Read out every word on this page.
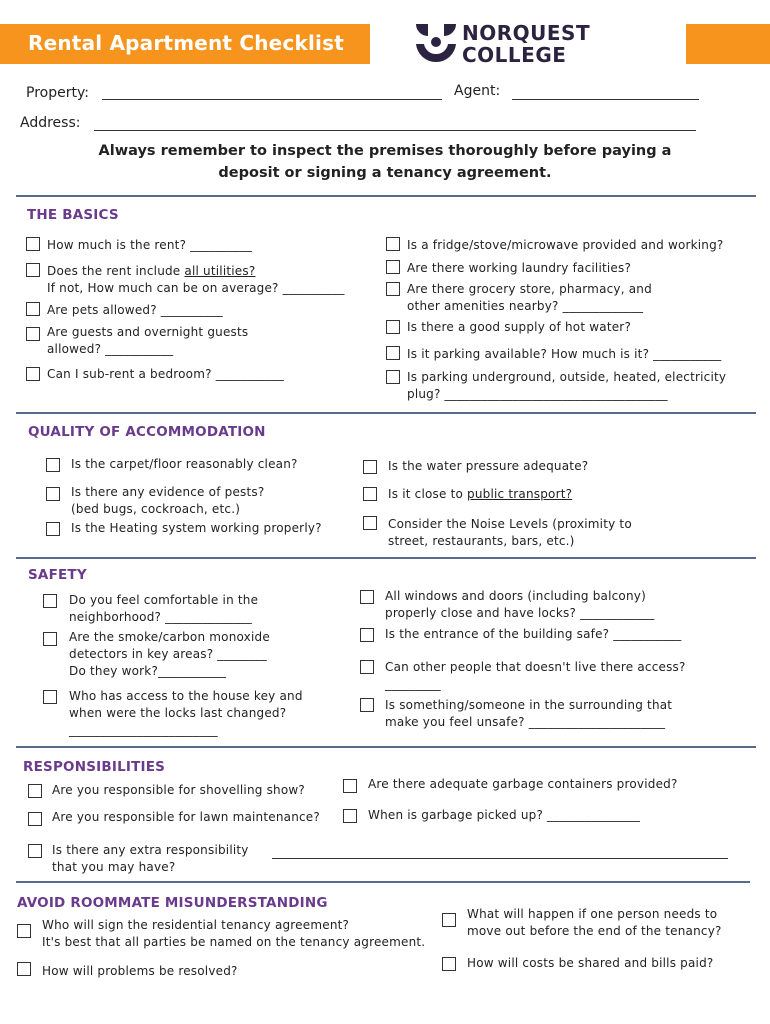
Rental Apartment Checklist	NORQUEST
COLLEGE
Property:	Agent:
Address:
Always remember to inspect the premises thoroughly before paying a
deposit or signing a tenancy agreement.
THE BASICS
QUALITY OF ACCOMMODATION
SAFETY
RESPONSIBILITIES
AVOID ROOMMATE MISUNDERSTANDING
How much is the rent? __________
Does the rent include all utilities?
If not, How much can be on average? __________
Are pets allowed? __________
Are guests and overnight guests
allowed? ___________
Can I sub-rent a bedroom? ___________
Is a fridge/stove/microwave provided and working?
Are there working laundry facilities?
Are there grocery store, pharmacy, and
other amenities nearby? _____________
Is there a good supply of hot water?
Is it parking available? How much is it? ___________
Is parking underground, outside, heated, electricity
plug? ____________________________________
Is the carpet/floor reasonably clean?
Is there any evidence of pests?
(bed bugs, cockroach, etc.)
Is the Heating system working properly?
Is the water pressure adequate?
Is it close to public transport?
Consider the Noise Levels (proximity to
street, restaurants, bars, etc.)
Do you feel comfortable in the
neighborhood? ______________
Are the smoke/carbon monoxide
detectors in key areas? ________
Do they work?___________
Who has access to the house key and
when were the locks last changed?
________________________
All windows and doors (including balcony)
properly close and have locks? ____________
Is the entrance of the building safe? ___________
Can other people that doesn't live there access?
_________
Is something/someone in the surrounding that
make you feel unsafe? ______________________
Are you responsible for shovelling show?
Are you responsible for lawn maintenance?
Is there any extra responsibility
that you may have?
Are there adequate garbage containers provided?
When is garbage picked up? _______________
Who will sign the residential tenancy agreement?
It's best that all parties be named on the tenancy agreement.
How will problems be resolved?
What will happen if one person needs to
move out before the end of the tenancy?
How will costs be shared and bills paid?
